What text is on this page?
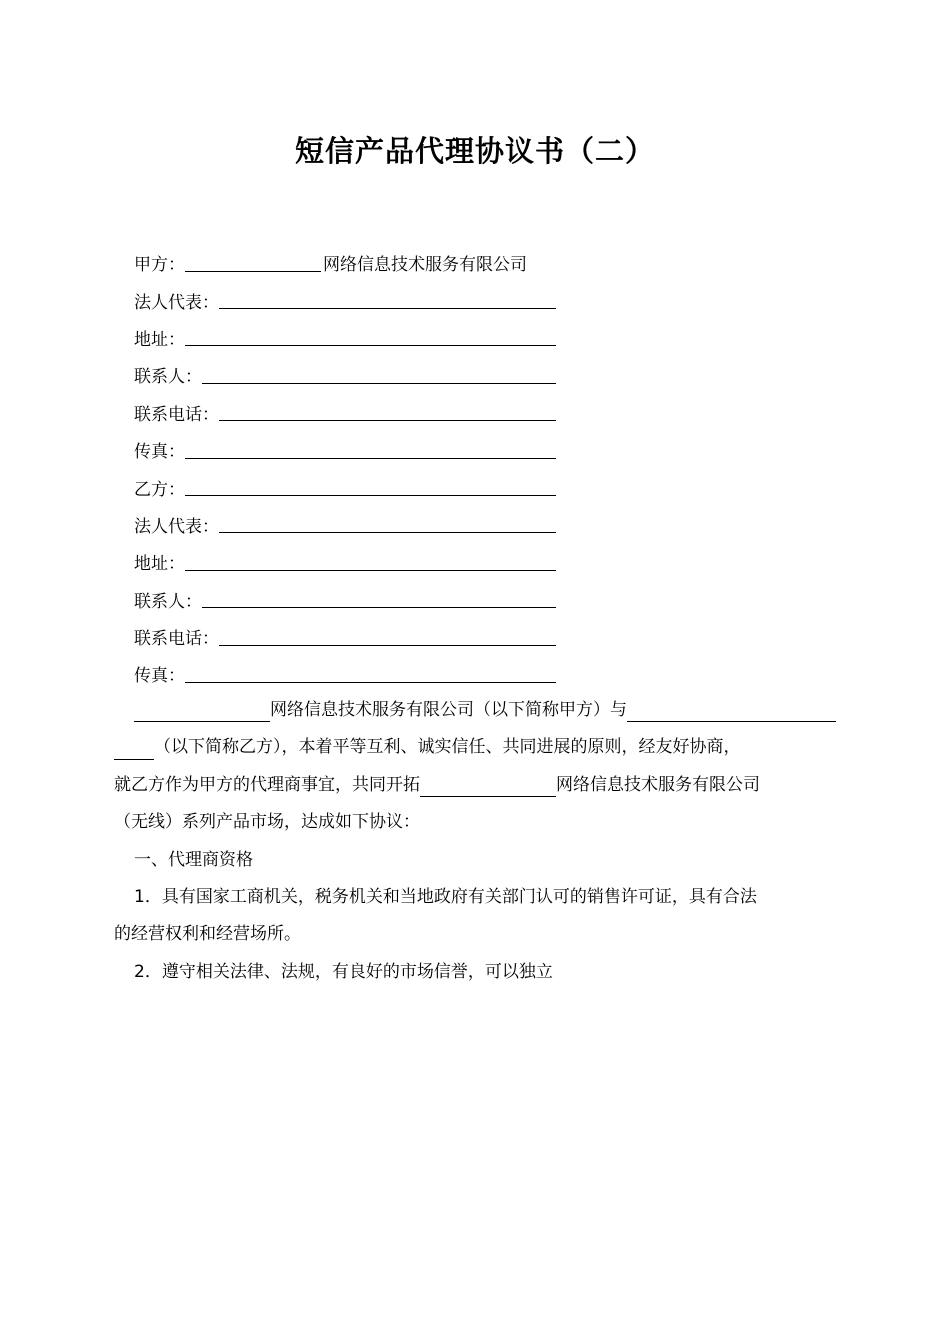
短信产品代理协议书（二）
甲方：	网络信息技术服务有限公司
法人代表：
地址：
联系人：
联系电话：
传真：
乙方：
法人代表：
地址：
联系人：
联系电话：
传真：
网络信息技术服务有限公司（以下简称甲方）与
（以下简称乙方），本着平等互利、诚实信任、共同进展的原则，经友好协商，
就乙方作为甲方的代理商事宜，共同开拓	网络信息技术服务有限公司
（无线）系列产品市场，达成如下协议：
一、代理商资格
1．具有国家工商机关，税务机关和当地政府有关部门认可的销售许可证，具有合法
的经营权利和经营场所。
2．遵守相关法律、法规，有良好的市场信誉，可以独立
